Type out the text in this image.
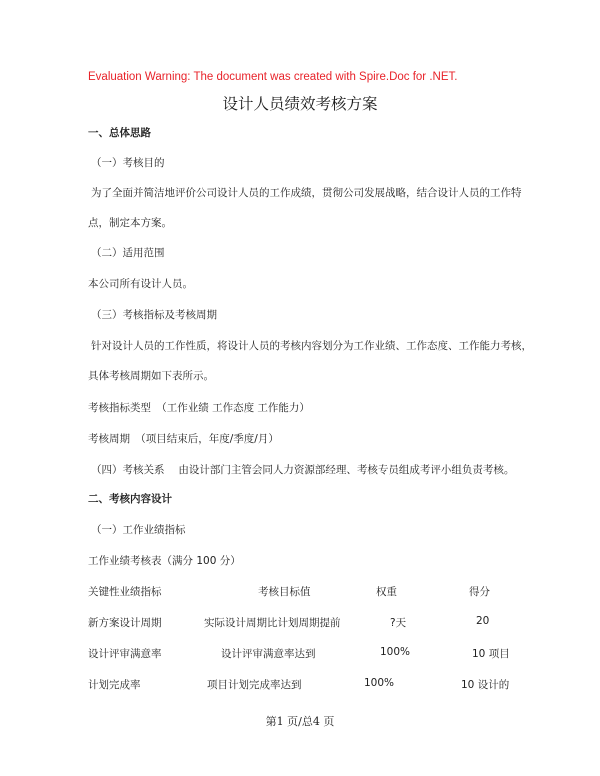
Evaluation Warning: The document was created with Spire.Doc for .NET.
设计人员绩效考核方案
一、总体思路
（一）考核目的
为了全面并简洁地评价公司设计人员的工作成绩，贯彻公司发展战略，结合设计人员的工作特
点，制定本方案。
（二）适用范围
本公司所有设计人员。
（三）考核指标及考核周期
针对设计人员的工作性质，将设计人员的考核内容划分为工作业绩、工作态度、工作能力考核，
具体考核周期如下表所示。
考核指标类型　（工作业绩 工作态度 工作能力）
考核周期　（项目结束后，年度/季度/月）
（四）考核关系　 由设计部门主管会同人力资源部经理、考核专员组成考评小组负责考核。
二、考核内容设计
（一）工作业绩指标
工作业绩考核表（满分 100 分）
关键性业绩指标	考核目标值	权重	得分
新方案设计周期	实际设计周期比计划周期提前	?天	20
设计评审满意率	设计评审满意率达到	100%	10 项目
计划完成率	项目计划完成率达到	100%	10 设计的
第1 页/总4 页
